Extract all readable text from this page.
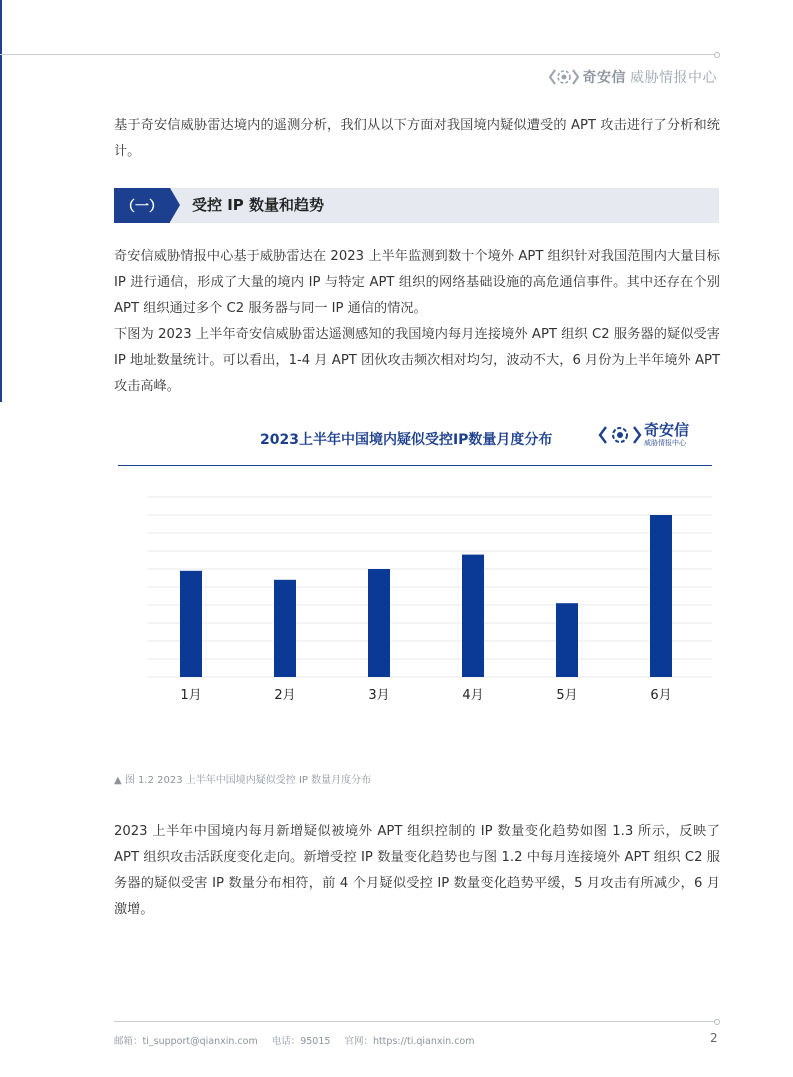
奇安信 威胁情报中心

基于奇安信威胁雷达境内的遥测分析，我们从以下方面对我国境内疑似遭受的 APT 攻击进行了分析和统计。

（一）	受控 IP 数量和趋势

奇安信威胁情报中心基于威胁雷达在 2023 上半年监测到数十个境外 APT 组织针对我国范围内大量目标 IP 进行通信，形成了大量的境内 IP 与特定 APT 组织的网络基础设施的高危通信事件。其中还存在个别 APT 组织通过多个 C2 服务器与同一 IP 通信的情况。

下图为 2023 上半年奇安信威胁雷达遥测感知的我国境内每月连接境外 APT 组织 C2 服务器的疑似受害 IP 地址数量统计。可以看出，1-4 月 APT 团伙攻击频次相对均匀，波动不大，6 月份为上半年境外 APT 攻击高峰。

2023上半年中国境内疑似受控IP数量月度分布
奇安信
威胁情报中心
1月	2月	3月	4月	5月	6月
▲ 图 1.2 2023 上半年中国境内疑似受控 IP 数量月度分布

2023 上半年中国境内每月新增疑似被境外 APT 组织控制的 IP 数量变化趋势如图 1.3 所示，反映了 APT 组织攻击活跃度变化走向。新增受控 IP 数量变化趋势也与图 1.2 中每月连接境外 APT 组织 C2 服务器的疑似受害 IP 数量分布相符，前 4 个月疑似受控 IP 数量变化趋势平缓，5 月攻击有所减少，6 月激增。

邮箱：ti_support@qianxin.com 电话：95015 官网：https://ti.qianxin.com	2
